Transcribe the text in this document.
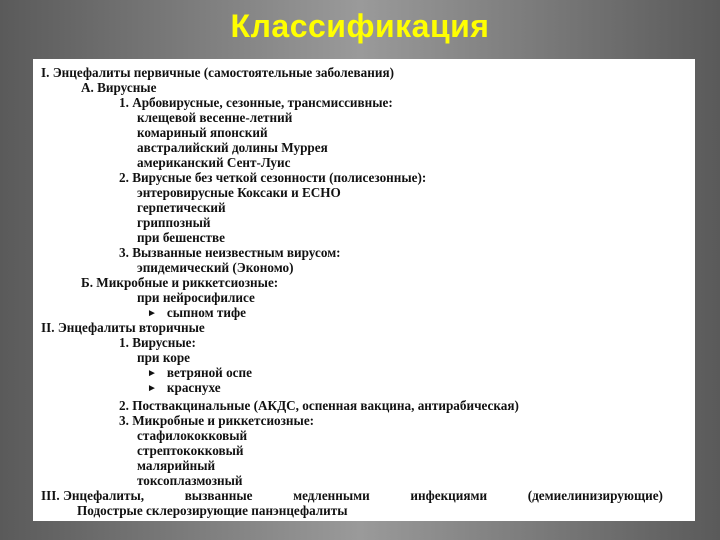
Классификация
I. Энцефалиты первичные (самостоятельные заболевания)
А. Вирусные
1. Арбовирусные, сезонные, трансмиссивные:
клещевой весенне-летний
комариный японский
австралийский долины Муррея
американский Сент-Луис
2. Вирусные без четкой сезонности (полисезонные):
энтеровирусные Коксаки и ЕСНО
герпетический
гриппозный
при бешенстве
3. Вызванные неизвестным вирусом:
эпидемический (Экономо)
Б. Микробные и риккетсиозные:
при нейросифилисе
► сыпном тифе
II. Энцефалиты вторичные
1. Вирусные:
при коре
► ветряной оспе
► краснухе
2. Поствакцинальные (АКДС, оспенная вакцина, антирабическая)
3. Микробные и риккетсиозные:
стафилококковый
стрептококковый
малярийный
токсоплазмозный
III. Энцефалиты,	вызванные	медленными	инфекциями	(демиелинизирующие)
Подострые склерозирующие панэнцефалиты
